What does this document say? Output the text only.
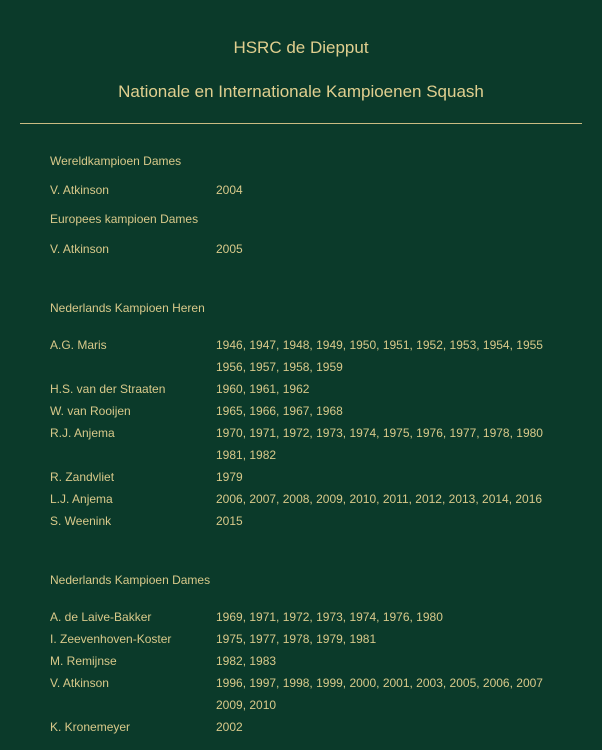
HSRC de Diepput
Nationale en Internationale Kampioenen Squash
Wereldkampioen Dames
V. Atkinson	2004
Europees kampioen Dames
V. Atkinson	2005
Nederlands Kampioen Heren
A.G. Maris	1946, 1947, 1948, 1949, 1950, 1951, 1952, 1953, 1954, 1955
1956, 1957, 1958, 1959
H.S. van der Straaten	1960, 1961, 1962
W. van Rooijen	1965, 1966, 1967, 1968
R.J. Anjema	1970, 1971, 1972, 1973, 1974, 1975, 1976, 1977, 1978, 1980
1981, 1982
R. Zandvliet	1979
L.J. Anjema	2006, 2007, 2008, 2009, 2010, 2011, 2012, 2013, 2014, 2016
S. Weenink	2015
Nederlands Kampioen Dames
A. de Laive-Bakker	1969, 1971, 1972, 1973, 1974, 1976, 1980
I. Zeevenhoven-Koster	1975, 1977, 1978, 1979, 1981
M. Remijnse	1982, 1983
V. Atkinson	1996, 1997, 1998, 1999, 2000, 2001, 2003, 2005, 2006, 2007
2009, 2010
K. Kronemeyer	2002
